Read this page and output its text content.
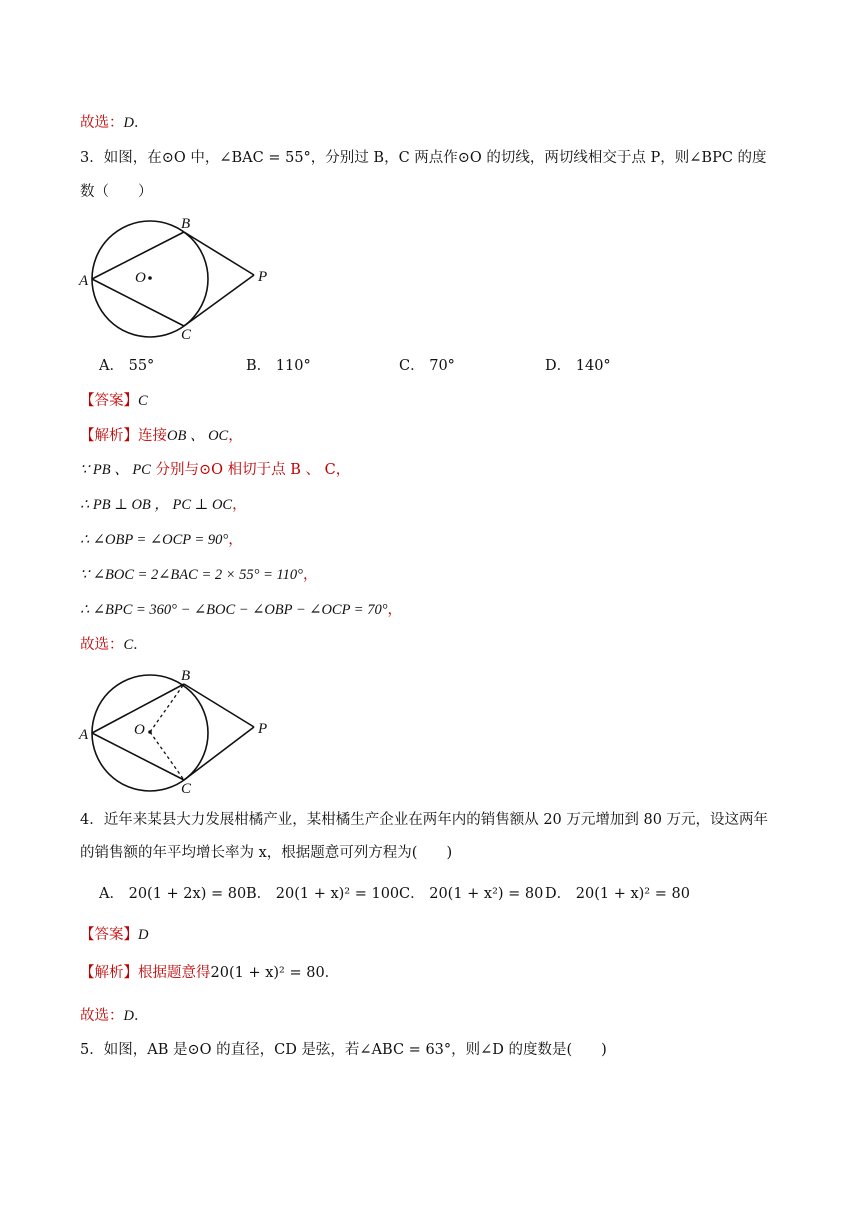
故选：D．
3．如图，在⊙O 中，∠BAC = 55°，分别过 B，C 两点作⊙O 的切线，两切线相交于点 P，则∠BPC 的度
数（　　）
A
B
C
O	P
A． 55°	B． 110°	C． 70°	D． 140°
【答案】C
【解析】连接OB 、 OC，
∵ PB 、 PC 分别与⊙O 相切于点 B 、 C，
∴ PB ⊥ OB ， PC ⊥ OC，
∴ ∠OBP = ∠OCP = 90°，
∵ ∠BOC = 2∠BAC = 2 × 55° = 110°，
∴ ∠BPC = 360° − ∠BOC − ∠OBP − ∠OCP = 70°，
故选：C．
A
B
C
O	P
4．近年来某县大力发展柑橘产业，某柑橘生产企业在两年内的销售额从 20 万元增加到 80 万元，设这两年
的销售额的年平均增长率为 x，根据题意可列方程为(　　)
A． 20(1 + 2x) = 80 B． 20(1 + x)² = 100 C． 20(1 + x²) = 80 D． 20(1 + x)² = 80
【答案】D
【解析】根据题意得20(1 + x)² = 80．
故选：D．
5．如图，AB 是⊙O 的直径，CD 是弦，若∠ABC = 63°，则∠D 的度数是(　　)
